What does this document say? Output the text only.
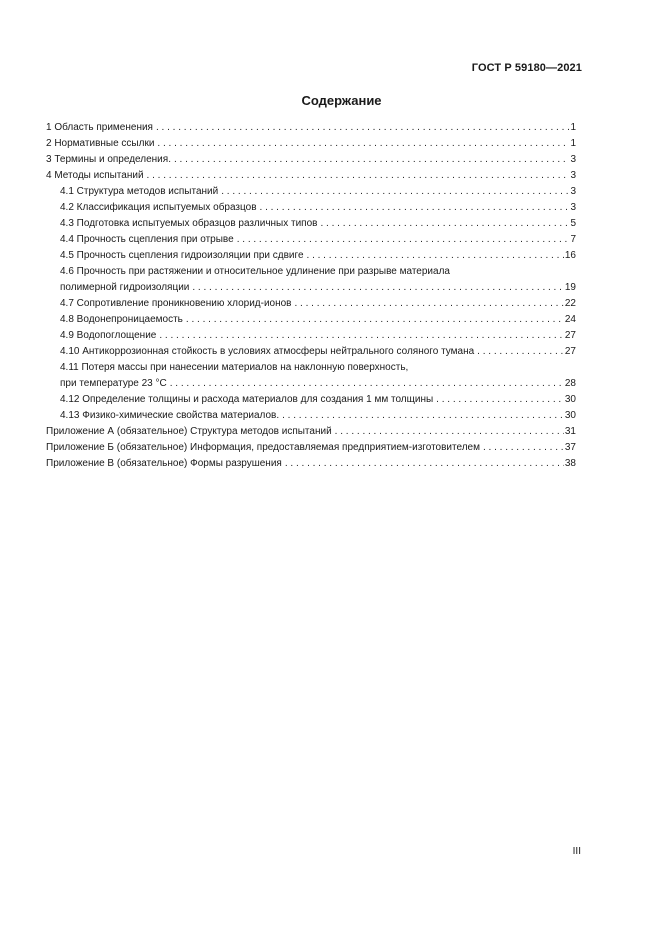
ГОСТ Р 59180—2021
Содержание
1 Область применения . . .	1
2 Нормативные ссылки . . .	1
3 Термины и определения. . . .	3
4 Методы испытаний . . .	3
4.1 Структура методов испытаний . . .	3
4.2 Классификация испытуемых образцов . . .	3
4.3 Подготовка испытуемых образцов различных типов . . .	5
4.4 Прочность сцепления при отрыве . . .	7
4.5 Прочность сцепления гидроизоляции при сдвиге . . .	16
4.6 Прочность при растяжении и относительное удлинение при разрыве материала
полимерной гидроизоляции . . .	19
4.7 Сопротивление проникновению хлорид-ионов . . .	22
4.8 Водонепроницаемость . . .	24
4.9 Водопоглощение . . .	27
4.10 Антикоррозионная стойкость в условиях атмосферы нейтрального соляного тумана . . .	27
4.11 Потеря массы при нанесении материалов на наклонную поверхность,
при температуре 23 °С . . .	28
4.12 Определение толщины и расхода материалов для создания 1 мм толщины . . .	30
4.13 Физико-химические свойства материалов. . . .	30
Приложение А (обязательное) Структура методов испытаний . . .	31
Приложение Б (обязательное) Информация, предоставляемая предприятием-изготовителем . . .	37
Приложение В (обязательное) Формы разрушения . . .	38
III
